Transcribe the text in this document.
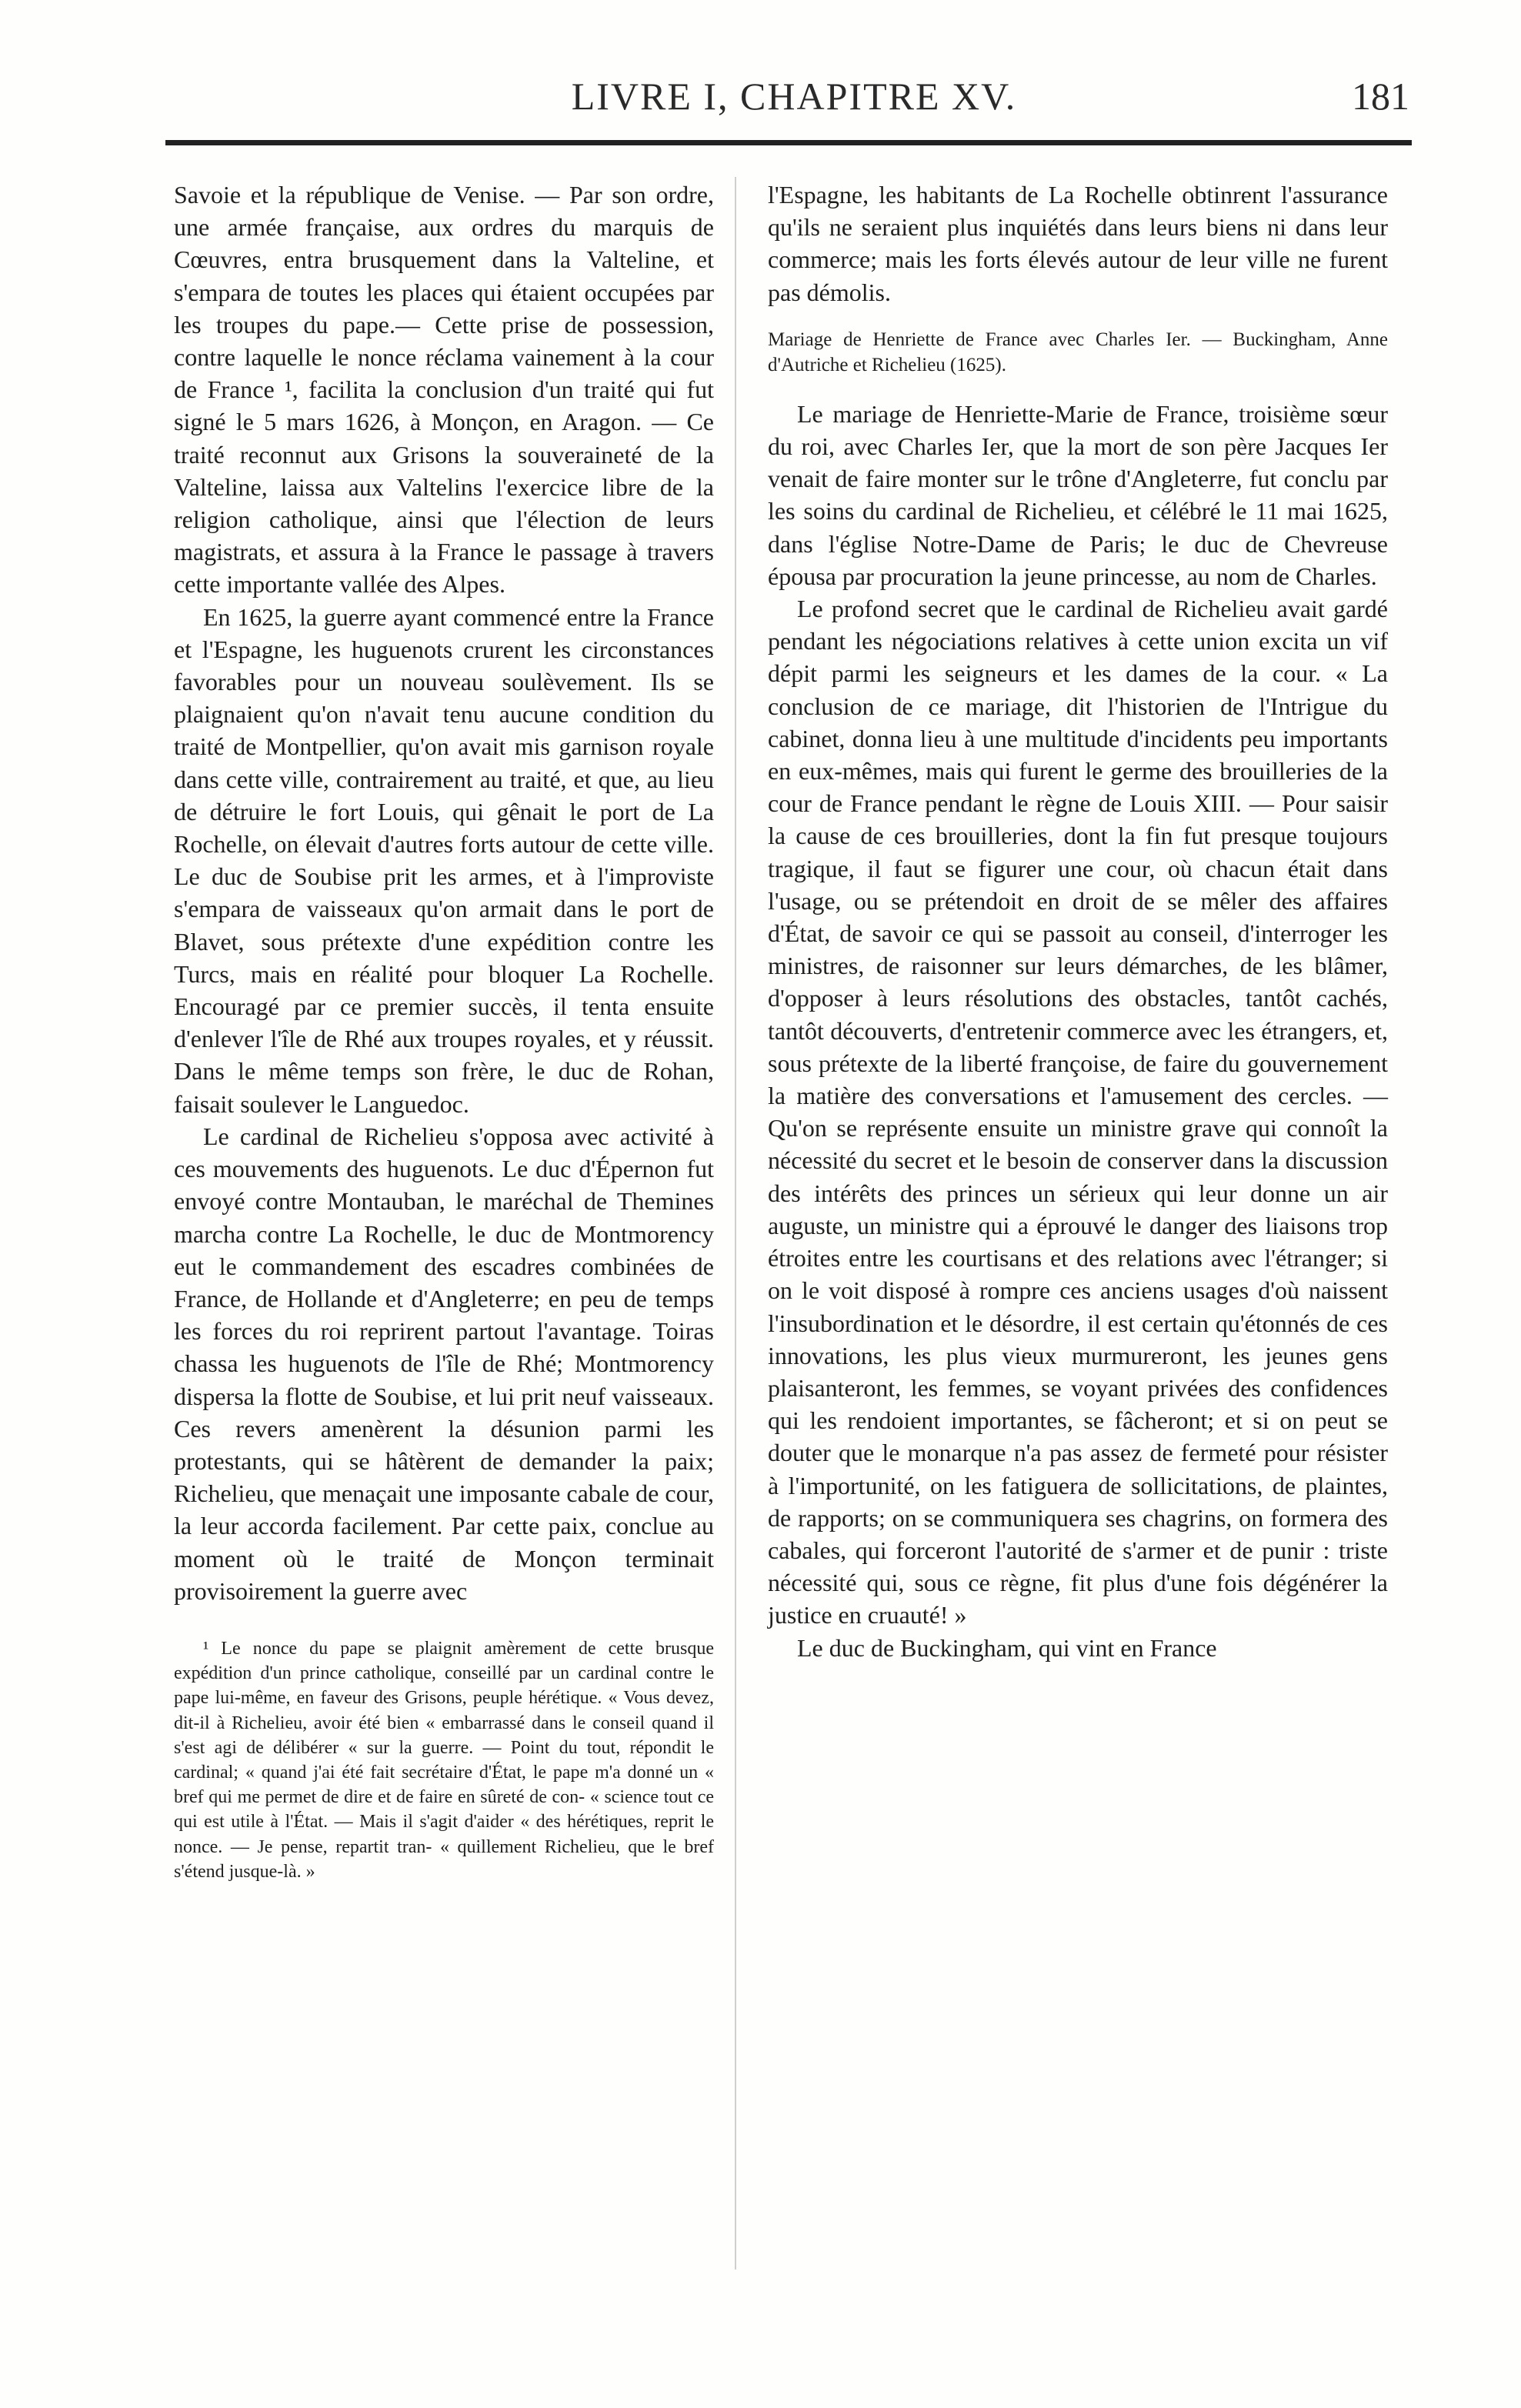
LIVRE I, CHAPITRE XV.	181

Savoie et la république de Venise. — Par son ordre, une armée française, aux ordres du marquis de Cœuvres, entra brusquement dans la Valteline, et s'empara de toutes les places qui étaient occupées par les troupes du pape.— Cette prise de possession, contre laquelle le nonce réclama vainement à la cour de France ¹, facilita la conclusion d'un traité qui fut signé le 5 mars 1626, à Monçon, en Aragon. — Ce traité reconnut aux Grisons la souveraineté de la Valteline, laissa aux Valtelins l'exercice libre de la religion catholique, ainsi que l'élection de leurs magistrats, et assura à la France le passage à travers cette importante vallée des Alpes.

En 1625, la guerre ayant commencé entre la France et l'Espagne, les huguenots crurent les circonstances favorables pour un nouveau soulèvement. Ils se plaignaient qu'on n'avait tenu aucune condition du traité de Montpellier, qu'on avait mis garnison royale dans cette ville, contrairement au traité, et que, au lieu de détruire le fort Louis, qui gênait le port de La Rochelle, on élevait d'autres forts autour de cette ville. Le duc de Soubise prit les armes, et à l'improviste s'empara de vaisseaux qu'on armait dans le port de Blavet, sous prétexte d'une expédition contre les Turcs, mais en réalité pour bloquer La Rochelle. Encouragé par ce premier succès, il tenta ensuite d'enlever l'île de Rhé aux troupes royales, et y réussit. Dans le même temps son frère, le duc de Rohan, faisait soulever le Languedoc.

Le cardinal de Richelieu s'opposa avec activité à ces mouvements des huguenots. Le duc d'Épernon fut envoyé contre Montauban, le maréchal de Themines marcha contre La Rochelle, le duc de Montmorency eut le commandement des escadres combinées de France, de Hollande et d'Angleterre; en peu de temps les forces du roi reprirent partout l'avantage. Toiras chassa les huguenots de l'île de Rhé; Montmorency dispersa la flotte de Soubise, et lui prit neuf vaisseaux. Ces revers amenèrent la désunion parmi les protestants, qui se hâtèrent de demander la paix; Richelieu, que menaçait une imposante cabale de cour, la leur accorda facilement. Par cette paix, conclue au moment où le traité de Monçon terminait provisoirement la guerre avec

¹ Le nonce du pape se plaignit amèrement de cette brusque expédition d'un prince catholique, conseillé par un cardinal contre le pape lui-même, en faveur des Grisons, peuple hérétique. « Vous devez, dit-il à Richelieu, avoir été bien « embarrassé dans le conseil quand il s'est agi de délibérer « sur la guerre. — Point du tout, répondit le cardinal; « quand j'ai été fait secrétaire d'État, le pape m'a donné un « bref qui me permet de dire et de faire en sûreté de con- « science tout ce qui est utile à l'État. — Mais il s'agit d'aider « des hérétiques, reprit le nonce. — Je pense, repartit tran- « quillement Richelieu, que le bref s'étend jusque-là. »

l'Espagne, les habitants de La Rochelle obtinrent l'assurance qu'ils ne seraient plus inquiétés dans leurs biens ni dans leur commerce; mais les forts élevés autour de leur ville ne furent pas démolis.

Mariage de Henriette de France avec Charles Ier. — Buckingham, Anne d'Autriche et Richelieu (1625).

Le mariage de Henriette-Marie de France, troisième sœur du roi, avec Charles Ier, que la mort de son père Jacques Ier venait de faire monter sur le trône d'Angleterre, fut conclu par les soins du cardinal de Richelieu, et célébré le 11 mai 1625, dans l'église Notre-Dame de Paris; le duc de Chevreuse épousa par procuration la jeune princesse, au nom de Charles.

Le profond secret que le cardinal de Richelieu avait gardé pendant les négociations relatives à cette union excita un vif dépit parmi les seigneurs et les dames de la cour. « La conclusion de ce mariage, dit l'historien de l'Intrigue du cabinet, donna lieu à une multitude d'incidents peu importants en eux-mêmes, mais qui furent le germe des brouilleries de la cour de France pendant le règne de Louis XIII. — Pour saisir la cause de ces brouilleries, dont la fin fut presque toujours tragique, il faut se figurer une cour, où chacun était dans l'usage, ou se prétendoit en droit de se mêler des affaires d'État, de savoir ce qui se passoit au conseil, d'interroger les ministres, de raisonner sur leurs démarches, de les blâmer, d'opposer à leurs résolutions des obstacles, tantôt cachés, tantôt découverts, d'entretenir commerce avec les étrangers, et, sous prétexte de la liberté françoise, de faire du gouvernement la matière des conversations et l'amusement des cercles. — Qu'on se représente ensuite un ministre grave qui connoît la nécessité du secret et le besoin de conserver dans la discussion des intérêts des princes un sérieux qui leur donne un air auguste, un ministre qui a éprouvé le danger des liaisons trop étroites entre les courtisans et des relations avec l'étranger; si on le voit disposé à rompre ces anciens usages d'où naissent l'insubordination et le désordre, il est certain qu'étonnés de ces innovations, les plus vieux murmureront, les jeunes gens plaisanteront, les femmes, se voyant privées des confidences qui les rendoient importantes, se fâcheront; et si on peut se douter que le monarque n'a pas assez de fermeté pour résister à l'importunité, on les fatiguera de sollicitations, de plaintes, de rapports; on se communiquera ses chagrins, on formera des cabales, qui forceront l'autorité de s'armer et de punir : triste nécessité qui, sous ce règne, fit plus d'une fois dégénérer la justice en cruauté! »

Le duc de Buckingham, qui vint en France
